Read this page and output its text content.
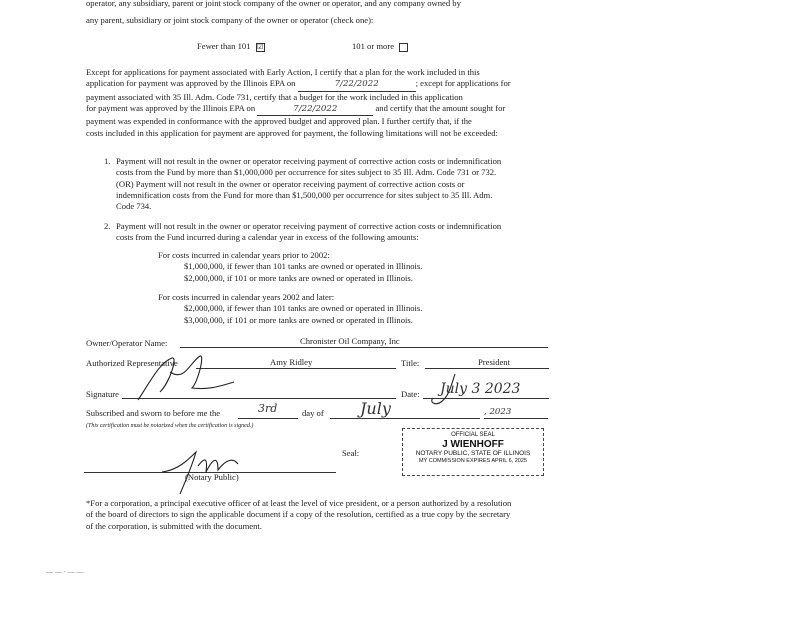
operator, any subsidiary, parent or joint stock company of the owner or operator, and any company owned by

any parent, subsidiary or joint stock company of the owner or operator (check one):

Fewer than 101 ☑	101 or more

Except for applications for payment associated with Early Action, I certify that a plan for the work included in this

application for payment was approved by the Illinois EPA on	7/22/2022	; except for applications for

payment associated with 35 Ill. Adm. Code 731, certify that a budget for the work included in this application

for payment was approved by the Illinois EPA on	7/22/2022	and certify that the amount sought for

payment was expended in conformance with the approved budget and approved plan. I further certify that, if the

costs included in this application for payment are approved for payment, the following limitations will not be exceeded:

1. Payment will not result in the owner or operator receiving payment of corrective action costs or indemnification

costs from the Fund by more than $1,000,000 per occurrence for sites subject to 35 Ill. Adm. Code 731 or 732.

(OR) Payment will not result in the owner or operator receiving payment of corrective action costs or

indemnification costs from the Fund for more than $1,500,000 per occurrence for sites subject to 35 Ill. Adm.

Code 734.

2. Payment will not result in the owner or operator receiving payment of corrective action costs or indemnification

costs from the Fund incurred during a calendar year in excess of the following amounts:

For costs incurred in calendar years prior to 2002:

$1,000,000, if fewer than 101 tanks are owned or operated in Illinois.

$2,000,000, if 101 or more tanks are owned or operated in Illinois.

For costs incurred in calendar years 2002 and later:

$2,000,000, if fewer than 101 tanks are owned or operated in Illinois.

$3,000,000, if 101 or more tanks are owned or operated in Illinois.

Owner/Operator Name:	Chronister Oil Company, Inc
Authorized Representative	Amy Ridley	Title:	President
Signature	Date: July 3 2023
Subscribed and sworn to before me the	3rd	day of July	, 2023
(This certification must be notarized when the certification is signed.)
Seal:
(Notary Public)
OFFICIAL SEAL
J WIENHOFF
NOTARY PUBLIC, STATE OF ILLINOIS
MY COMMISSION EXPIRES APRIL 6, 2025

*For a corporation, a principal executive officer of at least the level of vice president, or a person authorized by a resolution

of the board of directors to sign the applicable document if a copy of the resolution, certified as a true copy by the secretary

of the corporation, is submitted with the document.

— — · — —
